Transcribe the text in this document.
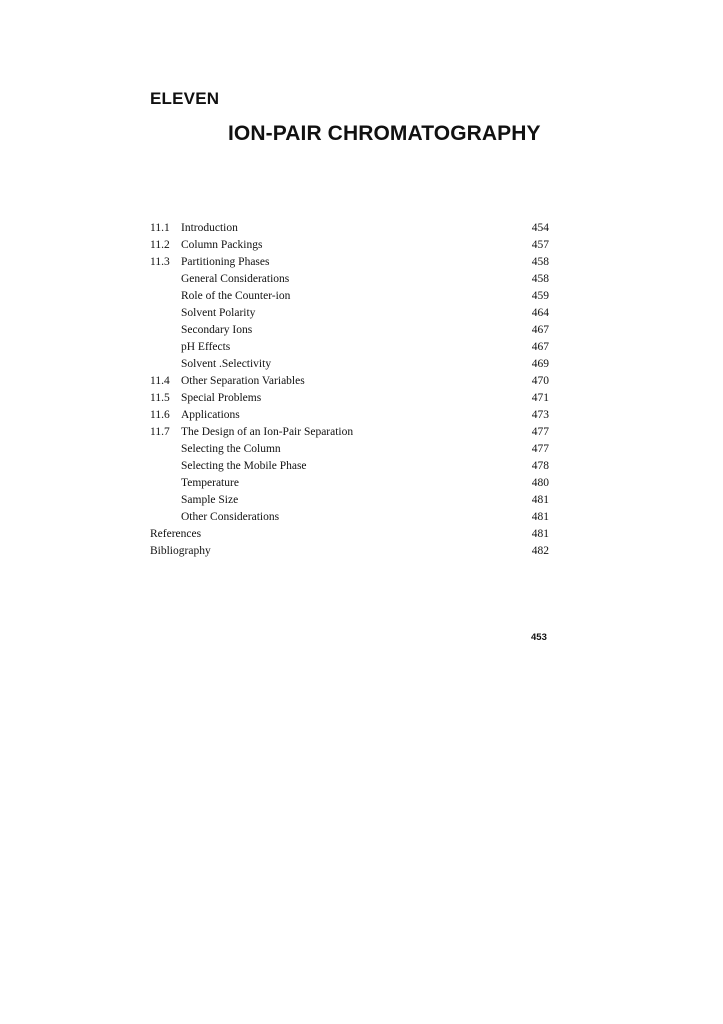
ELEVEN
ION-PAIR CHROMATOGRAPHY
11.1 Introduction	454
11.2 Column Packings	457
11.3 Partitioning Phases	458
General Considerations	458
Role of the Counter-ion	459
Solvent Polarity	464
Secondary Ions	467
pH Effects	467
Solvent .Selectivity	469
11.4 Other Separation Variables	470
11.5 Special Problems	471
11.6 Applications	473
11.7 The Design of an Ion-Pair Separation	477
Selecting the Column	477
Selecting the Mobile Phase	478
Temperature	480
Sample Size	481
Other Considerations	481
References	481
Bibliography	482
453
